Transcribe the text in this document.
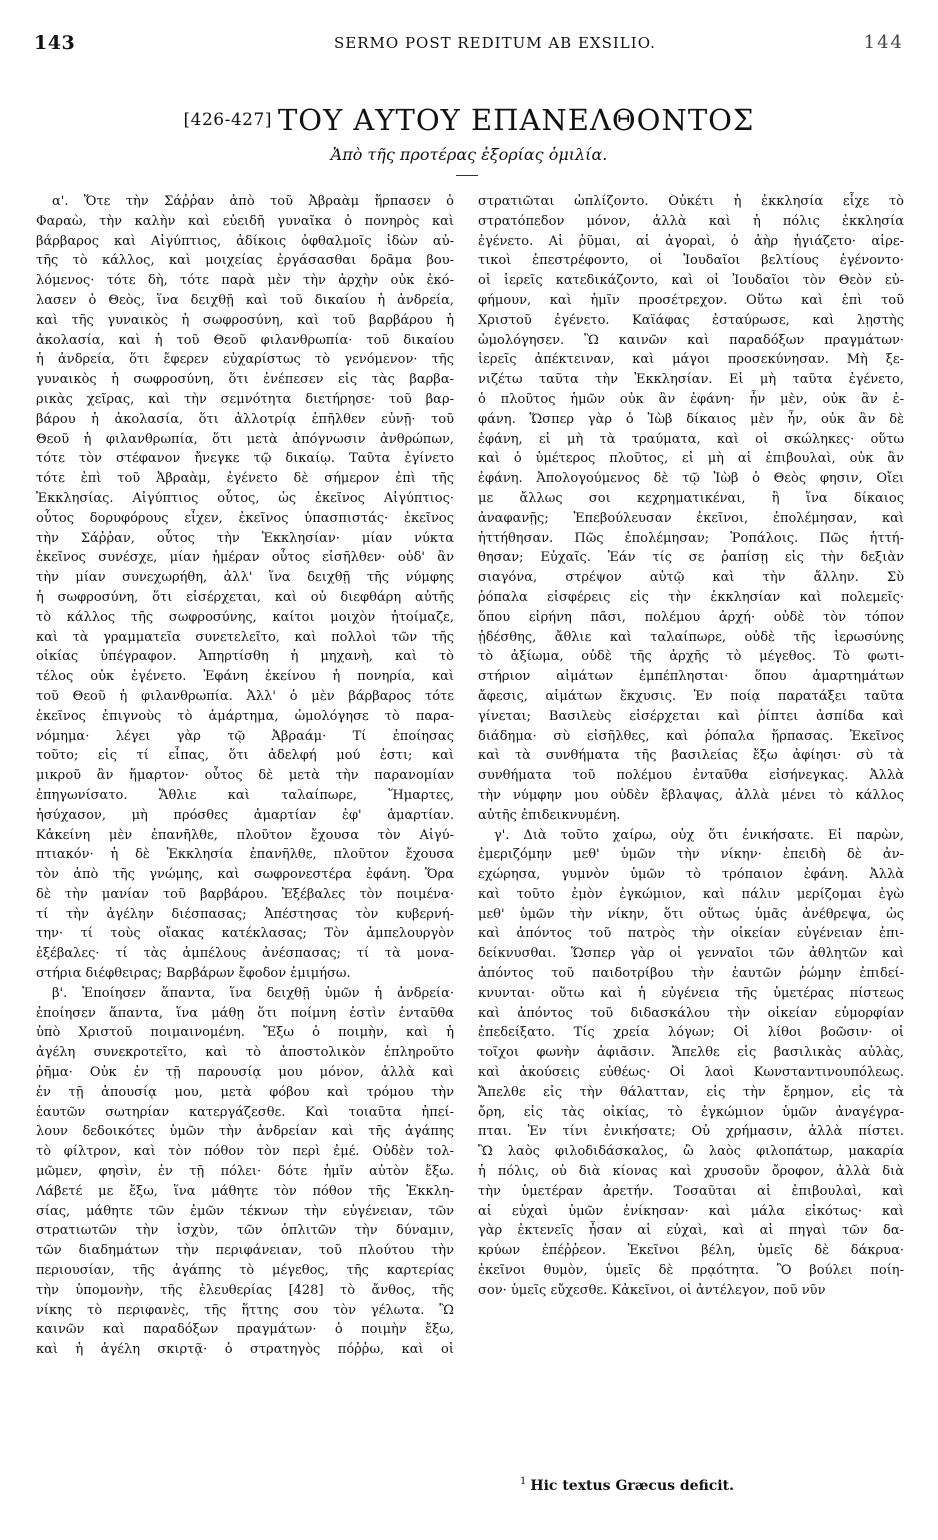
143	SERMO POST REDITUM AB EXSILIO.	144
[426-427] ΤΟΥ ΑΥΤΟΥ ΕΠΑΝΕΛΘΟΝΤΟΣ
Ἀπὸ τῆς προτέρας ἐξορίας ὁμιλία.
α'. Ὅτε τὴν Σάῤῥαν ἀπὸ τοῦ Ἀβραὰμ ἥρπασεν ὁ
Φαραὼ, τὴν καλὴν καὶ εὐειδῆ γυναῖκα ὁ πονηρὸς καὶ
βάρβαρος καὶ Αἰγύπτιος, ἀδίκοις ὀφθαλμοῖς ἰδὼν αὐ-
τῆς τὸ κάλλος, καὶ μοιχείας ἐργάσασθαι δρᾶμα βου-
λόμενος· τότε δὴ, τότε παρὰ μὲν τὴν ἀρχὴν οὐκ ἐκό-
λασεν ὁ Θεὸς, ἵνα δειχθῇ καὶ τοῦ δικαίου ἡ ἀνδρεία,
καὶ τῆς γυναικὸς ἡ σωφροσύνη, καὶ τοῦ βαρβάρου ἡ
ἀκολασία, καὶ ἡ τοῦ Θεοῦ φιλανθρωπία· τοῦ δικαίου
ἡ ἀνδρεία, ὅτι ἔφερεν εὐχαρίστως τὸ γενόμενον· τῆς
γυναικὸς ἡ σωφροσύνη, ὅτι ἐνέπεσεν εἰς τὰς βαρβα-
ρικὰς χεῖρας, καὶ τὴν σεμνότητα διετήρησε· τοῦ βαρ-
βάρου ἡ ἀκολασία, ὅτι ἀλλοτρίᾳ ἐπῆλθεν εὐνῇ· τοῦ
Θεοῦ ἡ φιλανθρωπία, ὅτι μετὰ ἀπόγνωσιν ἀνθρώπων,
τότε τὸν στέφανον ἤνεγκε τῷ δικαίῳ. Ταῦτα ἐγίνετο
τότε ἐπὶ τοῦ Ἀβραὰμ, ἐγένετο δὲ σήμερον ἐπὶ τῆς
Ἐκκλησίας. Αἰγύπτιος οὗτος, ὡς ἐκεῖνος Αἰγύπτιος·
οὗτος δορυφόρους εἶχεν, ἐκεῖνος ὑπασπιστάς· ἐκεῖνος
τὴν Σάῤῥαν, οὗτος τὴν Ἐκκλησίαν· μίαν νύκτα
ἐκεῖνος συνέσχε, μίαν ἡμέραν οὗτος εἰσῆλθεν· οὐδ' ἂν
τὴν μίαν συνεχωρήθη, ἀλλ' ἵνα δειχθῇ τῆς νύμφης
ἡ σωφροσύνη, ὅτι εἰσέρχεται, καὶ οὐ διεφθάρη αὐτῆς
τὸ κάλλος τῆς σωφροσύνης, καίτοι μοιχὸν ἠτοίμαζε,
καὶ τὰ γραμματεῖα συνετελεῖτο, καὶ πολλοὶ τῶν τῆς
οἰκίας ὑπέγραφον. Ἀπηρτίσθη ἡ μηχανὴ, καὶ τὸ
τέλος οὐκ ἐγένετο. Ἐφάνη ἐκείνου ἡ πονηρία, καὶ
τοῦ Θεοῦ ἡ φιλανθρωπία. Ἀλλ' ὁ μὲν βάρβαρος τότε
ἐκεῖνος ἐπιγνοὺς τὸ ἁμάρτημα, ὡμολόγησε τὸ παρα-
νόμημα· λέγει γὰρ τῷ Ἀβραάμ· Τί ἐποίησας
τοῦτο; εἰς τί εἶπας, ὅτι ἀδελφή μού ἐστι; καὶ
μικροῦ ἂν ἥμαρτον· οὗτος δὲ μετὰ τὴν παρανομίαν
ἐπηγωνίσατο. Ἄθλιε καὶ ταλαίπωρε, Ἥμαρτες,
ἡσύχασον, μὴ πρόσθες ἁμαρτίαν ἐφ' ἁμαρτίαν.
Κἀκείνη μὲν ἐπανῆλθε, πλοῦτον ἔχουσα τὸν Αἰγύ-
πτιακόν· ἡ δὲ Ἐκκλησία ἐπανῆλθε, πλοῦτον ἔχουσα
τὸν ἀπὸ τῆς γνώμης, καὶ σωφρονεστέρα ἐφάνη. Ὅρα
δὲ τὴν μανίαν τοῦ βαρβάρου. Ἐξέβαλες τὸν ποιμένα·
τί τὴν ἀγέλην διέσπασας; Ἀπέστησας τὸν κυβερνή-
την· τί τοὺς οἴακας κατέκλασας; Τὸν ἀμπελουργὸν
ἐξέβαλες· τί τὰς ἀμπέλους ἀνέσπασας; τί τὰ μονα-
στήρια διέφθειρας; Βαρβάρων ἔφοδον ἐμιμήσω.
β'. Ἐποίησεν ἅπαντα, ἵνα δειχθῇ ὑμῶν ἡ ἀνδρεία·
ἐποίησεν ἅπαντα, ἵνα μάθῃ ὅτι ποίμνη ἐστὶν ἐνταῦθα
ὑπὸ Χριστοῦ ποιμαινομένη. Ἔξω ὁ ποιμὴν, καὶ ἡ
ἀγέλη συνεκροτεῖτο, καὶ τὸ ἀποστολικὸν ἐπληροῦτο
ῥῆμα· Οὐκ ἐν τῇ παρουσίᾳ μου μόνον, ἀλλὰ καὶ
ἐν τῇ ἀπουσίᾳ μου, μετὰ φόβου καὶ τρόμου τὴν
ἑαυτῶν σωτηρίαν κατεργάζεσθε. Καὶ τοιαῦτα ἠπεί-
λουν δεδοικότες ὑμῶν τὴν ἀνδρείαν καὶ τῆς ἀγάπης
τὸ φίλτρον, καὶ τὸν πόθον τὸν περὶ ἐμέ. Οὐδὲν τολ-
μῶμεν, φησὶν, ἐν τῇ πόλει· δότε ἡμῖν αὐτὸν ἔξω.
Λάβετέ με ἔξω, ἵνα μάθητε τὸν πόθον τῆς Ἐκκλη-
σίας, μάθητε τῶν ἐμῶν τέκνων τὴν εὐγένειαν, τῶν
στρατιωτῶν τὴν ἰσχὺν, τῶν ὁπλιτῶν τὴν δύναμιν,
τῶν διαδημάτων τὴν περιφάνειαν, τοῦ πλούτου τὴν
περιουσίαν, τῆς ἀγάπης τὸ μέγεθος, τῆς καρτερίας
τὴν ὑπομονὴν, τῆς ἐλευθερίας [428] τὸ ἄνθος, τῆς
νίκης τὸ περιφανὲς, τῆς ἥττης σου τὸν γέλωτα. Ὢ
καινῶν καὶ παραδόξων πραγμάτων· ὁ ποιμὴν ἔξω,
καὶ ἡ ἀγέλη σκιρτᾷ· ὁ στρατηγὸς πόῤῥω, καὶ οἱ
στρατιῶται ὡπλίζοντο. Οὐκέτι ἡ ἐκκλησία εἶχε τὸ
στρατόπεδον μόνον, ἀλλὰ καὶ ἡ πόλις ἐκκλησία
ἐγένετο. Αἱ ῥῦμαι, αἱ ἀγοραὶ, ὁ ἀὴρ ἡγιάζετο· αἱρε-
τικοὶ ἐπεστρέφοντο, οἱ Ἰουδαῖοι βελτίους ἐγένοντο·
οἱ ἱερεῖς κατεδικάζοντο, καὶ οἱ Ἰουδαῖοι τὸν Θεὸν εὐ-
φήμουν, καὶ ἡμῖν προσέτρεχον. Οὕτω καὶ ἐπὶ τοῦ
Χριστοῦ ἐγένετο. Καϊάφας ἐσταύρωσε, καὶ λῃστὴς
ὡμολόγησεν. Ὢ καινῶν καὶ παραδόξων πραγμάτων·
ἱερεῖς ἀπέκτειναν, καὶ μάγοι προσεκύνησαν. Μὴ ξε-
νιζέτω ταῦτα τὴν Ἐκκλησίαν. Εἰ μὴ ταῦτα ἐγένετο,
ὁ πλοῦτος ἡμῶν οὐκ ἂν ἐφάνη· ἦν μὲν, οὐκ ἂν ἐ-
φάνη. Ὥσπερ γὰρ ὁ Ἰὼβ δίκαιος μὲν ἦν, οὐκ ἂν δὲ
ἐφάνη, εἰ μὴ τὰ τραύματα, καὶ οἱ σκώληκες· οὕτω
καὶ ὁ ὑμέτερος πλοῦτος, εἰ μὴ αἱ ἐπιβουλαὶ, οὐκ ἂν
ἐφάνη. Ἀπολογούμενος δὲ τῷ Ἰὼβ ὁ Θεὸς φησιν, Οἴει
με ἄλλως σοι κεχρηματικέναι, ἢ ἵνα δίκαιος
ἀναφανῇς; Ἐπεβούλευσαν ἐκεῖνοι, ἐπολέμησαν, καὶ
ἡττήθησαν. Πῶς ἐπολέμησαν; Ῥοπάλοις. Πῶς ἡττή-
θησαν; Εὐχαῖς. Ἐάν τίς σε ῥαπίσῃ εἰς τὴν δεξιὰν
σιαγόνα, στρέψον αὐτῷ καὶ τὴν ἄλλην. Σὺ
ῥόπαλα εἰσφέρεις εἰς τὴν ἐκκλησίαν καὶ πολεμεῖς·
ὅπου εἰρήνη πᾶσι, πολέμου ἀρχή· οὐδὲ τὸν τόπον
ᾐδέσθης, ἄθλιε καὶ ταλαίπωρε, οὐδὲ τῆς ἱερωσύνης
τὸ ἀξίωμα, οὐδὲ τῆς ἀρχῆς τὸ μέγεθος. Τὸ φωτι-
στήριον αἱμάτων ἐμπέπλησται· ὅπου ἁμαρτημάτων
ἄφεσις, αἱμάτων ἔκχυσις. Ἐν ποίᾳ παρατάξει ταῦτα
γίνεται; Βασιλεὺς εἰσέρχεται καὶ ῥίπτει ἀσπίδα καὶ
διάδημα· σὺ εἰσῆλθες, καὶ ῥόπαλα ἥρπασας. Ἐκεῖνος
καὶ τὰ συνθήματα τῆς βασιλείας ἔξω ἀφίησι· σὺ τὰ
συνθήματα τοῦ πολέμου ἐνταῦθα εἰσήνεγκας. Ἀλλὰ
τὴν νύμφην μου οὐδὲν ἔβλαψας, ἀλλὰ μένει τὸ κάλλος
αὐτῆς ἐπιδεικνυμένη.
γ'. Διὰ τοῦτο χαίρω, οὐχ ὅτι ἐνικήσατε. Εἰ παρὼν,
ἐμεριζόμην μεθ' ὑμῶν τὴν νίκην· ἐπειδὴ δὲ ἀν-
εχώρησα, γυμνὸν ὑμῶν τὸ τρόπαιον ἐφάνη. Ἀλλὰ
καὶ τοῦτο ἐμὸν ἐγκώμιον, καὶ πάλιν μερίζομαι ἐγὼ
μεθ' ὑμῶν τὴν νίκην, ὅτι οὕτως ὑμᾶς ἀνέθρεψα, ὡς
καὶ ἀπόντος τοῦ πατρὸς τὴν οἰκείαν εὐγένειαν ἐπι-
δείκνυσθαι. Ὥσπερ γὰρ οἱ γενναῖοι τῶν ἀθλητῶν καὶ
ἀπόντος τοῦ παιδοτρίβου τὴν ἑαυτῶν ῥώμην ἐπιδεί-
κνυνται· οὕτω καὶ ἡ εὐγένεια τῆς ὑμετέρας πίστεως
καὶ ἀπόντος τοῦ διδασκάλου τὴν οἰκείαν εὐμορφίαν
ἐπεδείξατο. Τίς χρεία λόγων; Οἱ λίθοι βοῶσιν· οἱ
τοῖχοι φωνὴν ἀφιᾶσιν. Ἄπελθε εἰς βασιλικὰς αὐλὰς,
καὶ ἀκούσεις εὐθέως· Οἱ λαοὶ Κωνσταντινουπόλεως.
Ἄπελθε εἰς τὴν θάλατταν, εἰς τὴν ἔρημον, εἰς τὰ
ὄρη, εἰς τὰς οἰκίας, τὸ ἐγκώμιον ὑμῶν ἀναγέγρα-
πται. Ἐν τίνι ἐνικήσατε; Οὐ χρήμασιν, ἀλλὰ πίστει.
Ὢ λαὸς φιλοδιδάσκαλος, ὢ λαὸς φιλοπάτωρ, μακαρία
ἡ πόλις, οὐ διὰ κίονας καὶ χρυσοῦν ὄροφον, ἀλλὰ διὰ
τὴν ὑμετέραν ἀρετήν. Τοσαῦται αἱ ἐπιβουλαὶ, καὶ
αἱ εὐχαὶ ὑμῶν ἐνίκησαν· καὶ μάλα εἰκότως· καὶ
γὰρ ἐκτενεῖς ἦσαν αἱ εὐχαὶ, καὶ αἱ πηγαὶ τῶν δα-
κρύων ἐπέῤῥεον. Ἐκεῖνοι βέλη, ὑμεῖς δὲ δάκρυα·
ἐκεῖνοι θυμὸν, ὑμεῖς δὲ πρᾳότητα. Ὃ βούλει ποίη-
σον· ὑμεῖς εὔχεσθε. Κἀκεῖνοι, οἱ ἀντέλεγον, ποῦ νῦν
$^1$ Hic textus Græcus deficit.
